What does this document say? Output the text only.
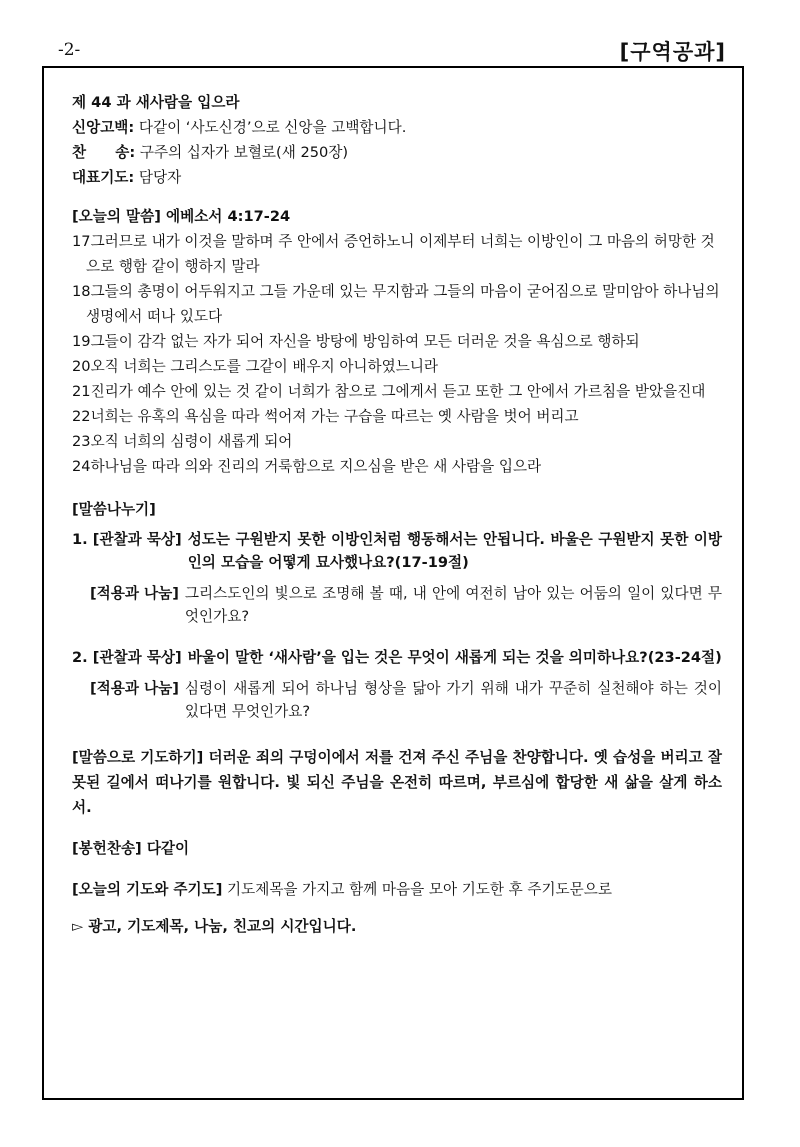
-2-	[구역공과]
제 44 과 새사람을 입으라
신앙고백: 다같이 ‘사도신경’으로 신앙을 고백합니다.
찬　　송: 구주의 십자가 보혈로(새 250장)
대표기도: 담당자
[오늘의 말씀] 에베소서 4:17-24
17그러므로 내가 이것을 말하며 주 안에서 증언하노니 이제부터 너희는 이방인이 그 마음의 허망한 것으로 행함 같이 행하지 말라
18그들의 총명이 어두워지고 그들 가운데 있는 무지함과 그들의 마음이 굳어짐으로 말미암아 하나님의 생명에서 떠나 있도다
19그들이 감각 없는 자가 되어 자신을 방탕에 방임하여 모든 더러운 것을 욕심으로 행하되
20오직 너희는 그리스도를 그같이 배우지 아니하였느니라
21진리가 예수 안에 있는 것 같이 너희가 참으로 그에게서 듣고 또한 그 안에서 가르침을 받았을진대
22너희는 유혹의 욕심을 따라 썩어져 가는 구습을 따르는 옛 사람을 벗어 버리고
23오직 너희의 심령이 새롭게 되어
24하나님을 따라 의와 진리의 거룩함으로 지으심을 받은 새 사람을 입으라
[말씀나누기]
1. [관찰과 묵상] 성도는 구원받지 못한 이방인처럼 행동해서는 안됩니다. 바울은 구원받지 못한 이방인의 모습을 어떻게 묘사했나요?(17-19절)
[적용과 나눔] 그리스도인의 빛으로 조명해 볼 때, 내 안에 여전히 남아 있는 어둠의 일이 있다면 무엇인가요?
2. [관찰과 묵상] 바울이 말한 ‘새사람’을 입는 것은 무엇이 새롭게 되는 것을 의미하나요?(23-24절)
[적용과 나눔] 심령이 새롭게 되어 하나님 형상을 닮아 가기 위해 내가 꾸준히 실천해야 하는 것이 있다면 무엇인가요?
[말씀으로 기도하기] 더러운 죄의 구덩이에서 저를 건져 주신 주님을 찬양합니다. 옛 습성을 버리고 잘못된 길에서 떠나기를 원합니다. 빛 되신 주님을 온전히 따르며, 부르심에 합당한 새 삶을 살게 하소서.
[봉헌찬송] 다같이
[오늘의 기도와 주기도] 기도제목을 가지고 함께 마음을 모아 기도한 후 주기도문으로
▻ 광고, 기도제목, 나눔, 친교의 시간입니다.
